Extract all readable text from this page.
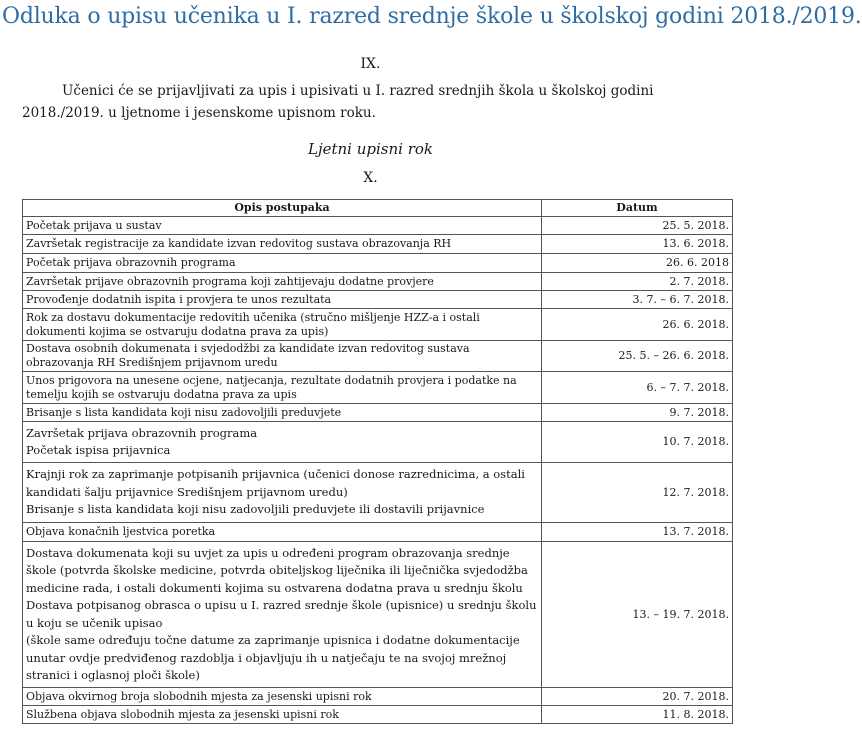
Odluka o upisu učenika u I. razred srednje škole u školskoj godini 2018./2019.
IX.

Učenici će se prijavljivati za upis i upisivati u I. razred srednjih škola u školskoj godini 2018./2019. u ljetnome i jesenskome upisnom roku.

Ljetni upisni rok
X.
Opis postupaka	Datum

Početak prijava u sustav	25. 5. 2018.

Završetak registracije za kandidate izvan redovitog sustava obrazovanja RH	13. 6. 2018.

Početak prijava obrazovnih programa	26. 6. 2018

Završetak prijave obrazovnih programa koji zahtijevaju dodatne provjere	2. 7. 2018.

Provođenje dodatnih ispita i provjera te unos rezultata	3. 7. – 6. 7. 2018.

Rok za dostavu dokumentacije redovitih učenika (stručno mišljenje HZZ-a i ostali dokumenti kojima se ostvaruju dodatna prava za upis)	26. 6. 2018.

Dostava osobnih dokumenata i svjedodžbi za kandidate izvan redovitog sustava obrazovanja RH Središnjem prijavnom uredu	25. 5. – 26. 6. 2018.

Unos prigovora na unesene ocjene, natjecanja, rezultate dodatnih provjera i podatke na temelju kojih se ostvaruju dodatna prava za upis	6. – 7. 7. 2018.

Brisanje s lista kandidata koji nisu zadovoljili preduvjete	9. 7. 2018.

Završetak prijava obrazovnih programa
Početak ispisa prijavnica	10. 7. 2018.

Krajnji rok za zaprimanje potpisanih prijavnica (učenici donose razrednicima, a ostali kandidati šalju prijavnice Središnjem prijavnom uredu)
Brisanje s lista kandidata koji nisu zadovoljili preduvjete ili dostavili prijavnice	12. 7. 2018.

Objava konačnih ljestvica poretka	13. 7. 2018.

Dostava dokumenata koji su uvjet za upis u određeni program obrazovanja srednje škole (potvrda školske medicine, potvrda obiteljskog liječnika ili liječnička svjedodžba medicine rada, i ostali dokumenti kojima su ostvarena dodatna prava u srednju školu
Dostava potpisanog obrasca o upisu u I. razred srednje škole (upisnice) u srednju školu u koju se učenik upisao
(škole same određuju točne datume za zaprimanje upisnica i dodatne dokumentacije unutar ovdje predviđenog razdoblja i objavljuju ih u natječaju te na svojoj mrežnoj stranici i oglasnoj ploči škole)	13. – 19. 7. 2018.

Objava okvirnog broja slobodnih mjesta za jesenski upisni rok	20. 7. 2018.

Službena objava slobodnih mjesta za jesenski upisni rok	11. 8. 2018.
